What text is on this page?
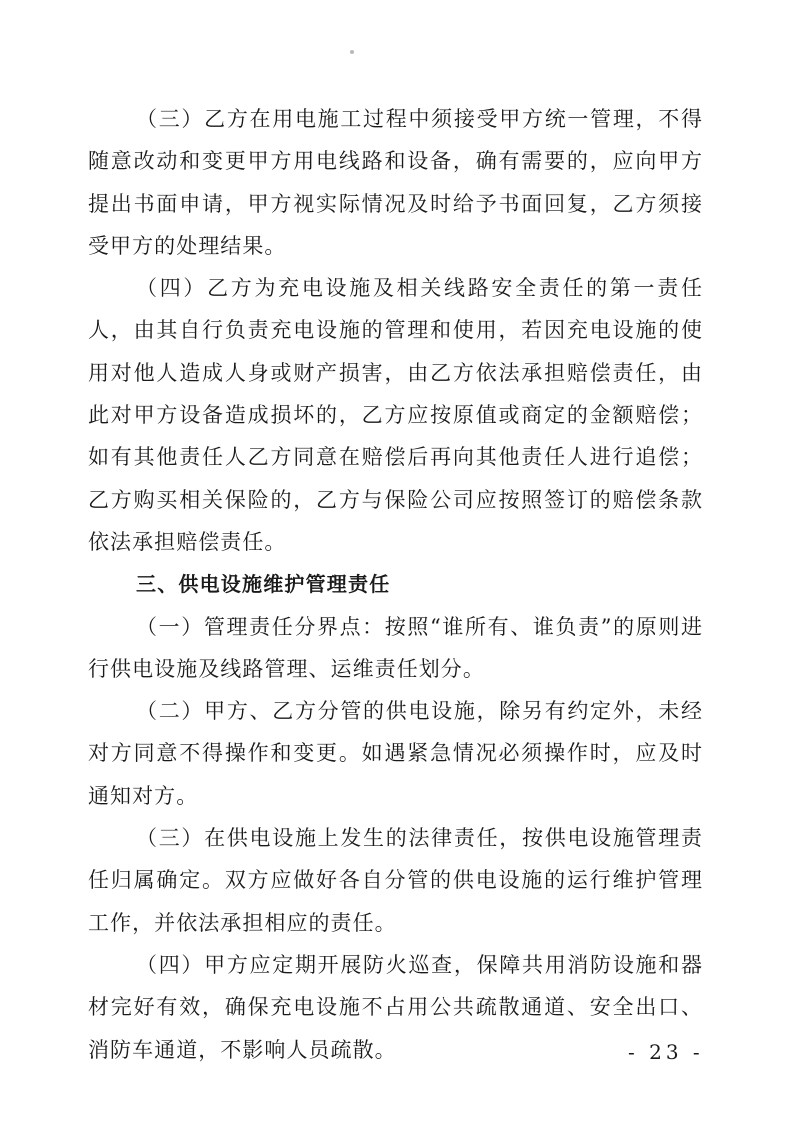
（三）乙方在用电施工过程中须接受甲方统一管理，不得随意改动和变更甲方用电线路和设备，确有需要的，应向甲方提出书面申请，甲方视实际情况及时给予书面回复，乙方须接受甲方的处理结果。

（四）乙方为充电设施及相关线路安全责任的第一责任人，由其自行负责充电设施的管理和使用，若因充电设施的使用对他人造成人身或财产损害，由乙方依法承担赔偿责任，由此对甲方设备造成损坏的，乙方应按原值或商定的金额赔偿；如有其他责任人乙方同意在赔偿后再向其他责任人进行追偿；乙方购买相关保险的，乙方与保险公司应按照签订的赔偿条款依法承担赔偿责任。

三、供电设施维护管理责任

（一）管理责任分界点：按照“谁所有、谁负责”的原则进行供电设施及线路管理、运维责任划分。

（二）甲方、乙方分管的供电设施，除另有约定外，未经对方同意不得操作和变更。如遇紧急情况必须操作时，应及时通知对方。

（三）在供电设施上发生的法律责任，按供电设施管理责任归属确定。双方应做好各自分管的供电设施的运行维护管理工作，并依法承担相应的责任。

（四）甲方应定期开展防火巡查，保障共用消防设施和器材完好有效，确保充电设施不占用公共疏散通道、安全出口、消防车通道，不影响人员疏散。	- 23 -
